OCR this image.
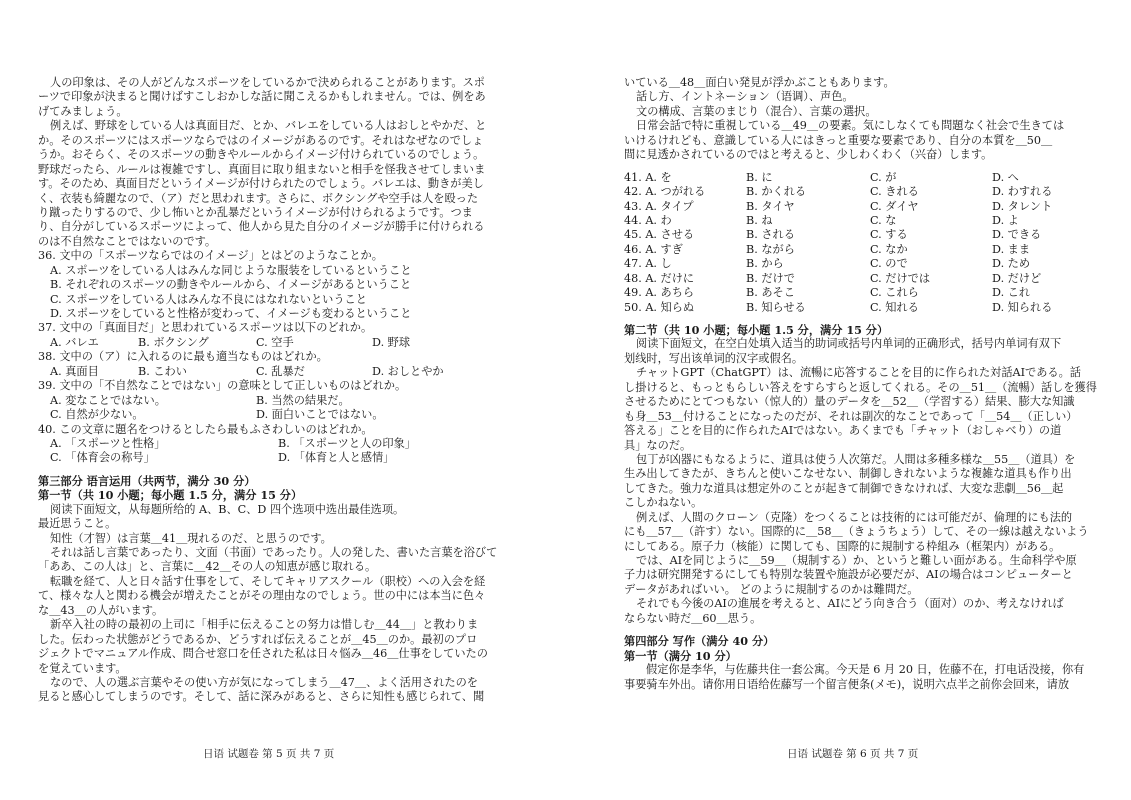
人の印象は、その人がどんなスポーツをしているかで決められることがあります。スポ
ーツで印象が決まると聞けばすこしおかしな話に聞こえるかもしれません。では、例をあ
げてみましょう。
例えば、野球をしている人は真面目だ、とか、バレエをしている人はおしとやかだ、と
か。そのスポーツにはスポーツならではのイメージがあるのです。それはなぜなのでしょ
うか。おそらく、そのスポーツの動きやルールからイメージ付けられているのでしょう。
野球だったら、ルールは複雑ですし、真面目に取り組まないと相手を怪我させてしまいま
す。そのため、真面目だというイメージが付けられたのでしょう。バレエは、動きが美し
く、衣装も綺麗なので、（ア）だと思われます。さらに、ボクシングや空手は人を殴った
り蹴ったりするので、少し怖いとか乱暴だというイメージが付けられるようです。つま
り、自分がしているスポーツによって、他人から見た自分のイメージが勝手に付けられる
のは不自然なことではないのです。
36. 文中の「スポーツならではのイメージ」とはどのようなことか。
A. スポーツをしている人はみんな同じような服装をしているということ
B. それぞれのスポーツの動きやルールから、イメージがあるということ
C. スポーツをしている人はみんな不良にはなれないということ
D. スポーツをしていると性格が変わって、イメージも変わるということ
37. 文中の「真面目だ」と思われているスポーツは以下のどれか。
A. バレエ	B. ボクシング	C. 空手	D. 野球
38. 文中の（ア）に入れるのに最も適当なものはどれか。
A. 真面目	B. こわい	C. 乱暴だ	D. おしとやか
39. 文中の「不自然なことではない」の意味として正しいものはどれか。
A. 変なことではない。	B. 当然の結果だ。
C. 自然が少ない。	D. 面白いことではない。
40. この文章に題名をつけるとしたら最もふさわしいのはどれか。
A. 「スポーツと性格」	B. 「スポーツと人の印象」
C. 「体育会の称号」	D. 「体育と人と感情」
第三部分 语言运用（共两节，满分 30 分）
第一节（共 10 小题；每小题 1.5 分，满分 15 分）
阅读下面短文，从每题所给的 A、B、C、D 四个选项中选出最佳选项。
最近思うこと。
知性（才智）は言葉＿41＿現れるのだ、と思うのです。
それは話し言葉であったり、文面（书面）であったり。人の発した、書いた言葉を浴びて
「ああ、この人は」と、言葉に＿42＿その人の知恵が感じ取れる。
転職を経て、人と日々話す仕事をして、そしてキャリアスクール（职校）への入会を経
て、様々な人と関わる機会が増えたことがその理由なのでしょう。世の中には本当に色々
な＿43＿の人がいます。
新卒入社の時の最初の上司に「相手に伝えることの努力は惜しむ＿44＿」と教わりま
した。伝わった状態がどうであるか、どうすれば伝えることが＿45＿のか。最初のプロ
ジェクトでマニュアル作成、問合せ窓口を任された私は日々悩み＿46＿仕事をしていたの
を覚えています。
なので、人の選ぶ言葉やその使い方が気になってしまう＿47＿、よく活用されたのを
見ると感心してしまうのです。そして、話に深みがあると、さらに知性も感じられて、聞
日语 试题卷 第 5 页 共 7 页
いている＿48＿面白い発見が浮かぶこともあります。
話し方、イントネーション（语调）、声色。
文の構成、言葉のまじり（混合）、言葉の選択。
日常会話で特に重視している＿49＿の要素。気にしなくても問題なく社会で生きては
いけるけれども、意識している人にはきっと重要な要素であり、自分の本質を＿50＿
間に見透かされているのではと考えると、少しわくわく（兴奋）します。
41. A. を	B. に	C. が	D. へ
42. A. つがれる	B. かくれる	C. きれる	D. わすれる
43. A. タイプ	B. タイヤ	C. ダイヤ	D. タレント
44. A. わ	B. ね	C. な	D. よ
45. A. させる	B. される	C. する	D. できる
46. A. すぎ	B. ながら	C. なか	D. まま
47. A. し	B. から	C. ので	D. ため
48. A. だけに	B. だけで	C. だけでは	D. だけど
49. A. あちら	B. あそこ	C. これら	D. これ
50. A. 知らぬ	B. 知らせる	C. 知れる	D. 知られる
第二节（共 10 小题；每小题 1.5 分，满分 15 分）
阅读下面短文，在空白处填入适当的助词或括号内单词的正确形式，括号内单词有双下
划线时，写出该单词的汉字或假名。
チャットGPT（ChatGPT）は、流暢に応答することを目的に作られた対話AIである。話
し掛けると、もっともらしい答えをすらすらと返してくれる。その＿51＿（流暢）話しを獲得
させるためにとてつもない（惊人的）量のデータを＿52＿（学習する）結果、膨大な知識
も身＿53＿付けることになったのだが、それは副次的なことであって「＿54＿（正しい）
答える」ことを目的に作られたAIではない。あくまでも「チャット（おしゃべり）の道
具」なのだ。
包丁が凶器にもなるように、道具は使う人次第だ。人間は多種多様な＿55＿（道具）を
生み出してきたが、きちんと使いこなせない、制御しきれないような複雑な道具も作り出
してきた。強力な道具は想定外のことが起きて制御できなければ、大変な悲劇＿56＿起
こしかねない。
例えば、人間のクローン（克隆）をつくることは技術的には可能だが、倫理的にも法的
にも＿57＿（許す）ない。国際的に＿58＿（きょうちょう）して、その一線は越えないよう
にしてある。原子力（核能）に関しても、国際的に規制する枠組み（框架内）がある。
では、AIを同じように＿59＿（規制する）か、というと難しい面がある。生命科学や原
子力は研究開発するにしても特別な装置や施設が必要だが、AIの場合はコンピューターと
データがあればいい。 どのように規制するのかは難問だ。
それでも今後のAIの進展を考えると、AIにどう向き合う（面对）のか、考えなければ
ならない時だ＿60＿思う。
第四部分 写作（满分 40 分）
第一节（满分 10 分）
假定你是李华，与佐藤共住一套公寓。今天是 6 月 20 日，佐藤不在，打电话没接，你有
事要骑车外出。请你用日语给佐藤写一个留言便条(メモ)，说明六点半之前你会回来，请放
日语 试题卷 第 6 页 共 7 页
